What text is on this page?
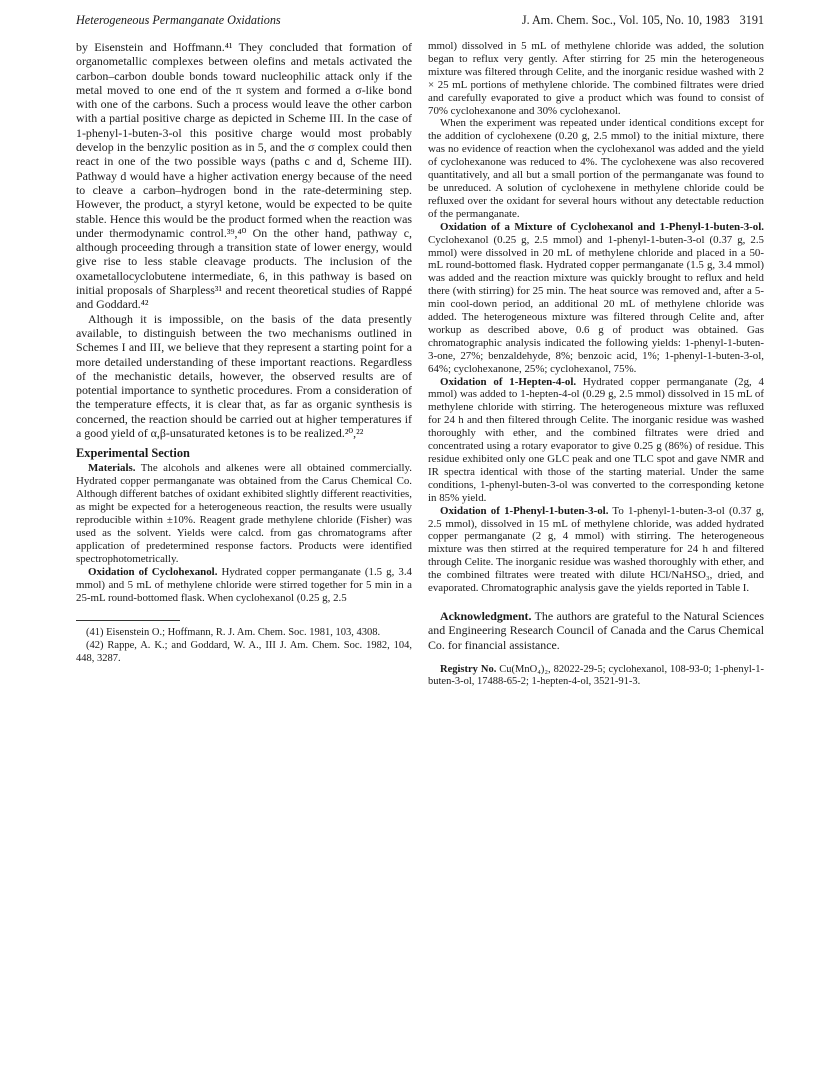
Heterogeneous Permanganate Oxidations	J. Am. Chem. Soc., Vol. 105, No. 10, 1983 3191

by Eisenstein and Hoffmann.⁴¹ They concluded that formation of organometallic complexes between olefins and metals activated the carbon–carbon double bonds toward nucleophilic attack only if the metal moved to one end of the π system and formed a σ-like bond with one of the carbons. Such a process would leave the other carbon with a partial positive charge as depicted in Scheme III. In the case of 1-phenyl-1-buten-3-ol this positive charge would most probably develop in the benzylic position as in 5, and the σ complex could then react in one of the two possible ways (paths c and d, Scheme III). Pathway d would have a higher activation energy because of the need to cleave a carbon–hydrogen bond in the rate-determining step. However, the product, a styryl ketone, would be expected to be quite stable. Hence this would be the product formed when the reaction was under thermodynamic control.³⁹,⁴⁰ On the other hand, pathway c, although proceeding through a transition state of lower energy, would give rise to less stable cleavage products. The inclusion of the oxametallocyclobutene intermediate, 6, in this pathway is based on initial proposals of Sharpless³¹ and recent theoretical studies of Rappé and Goddard.⁴²

Although it is impossible, on the basis of the data presently available, to distinguish between the two mechanisms outlined in Schemes I and III, we believe that they represent a starting point for a more detailed understanding of these important reactions. Regardless of the mechanistic details, however, the observed results are of potential importance to synthetic procedures. From a consideration of the temperature effects, it is clear that, as far as organic synthesis is concerned, the reaction should be carried out at higher temperatures if a good yield of α,β-unsaturated ketones is to be realized.²⁰,²²

Experimental Section

Materials. The alcohols and alkenes were all obtained commercially. Hydrated copper permanganate was obtained from the Carus Chemical Co. Although different batches of oxidant exhibited slightly different reactivities, as might be expected for a heterogeneous reaction, the results were usually reproducible within ±10%. Reagent grade methylene chloride (Fisher) was used as the solvent. Yields were calcd. from gas chromatograms after application of predetermined response factors. Products were identified spectrophotometrically.

Oxidation of Cyclohexanol. Hydrated copper permanganate (1.5 g, 3.4 mmol) and 5 mL of methylene chloride were stirred together for 5 min in a 25-mL round-bottomed flask. When cyclohexanol (0.25 g, 2.5

(41) Eisenstein O.; Hoffmann, R. J. Am. Chem. Soc. 1981, 103, 4308.

(42) Rappe, A. K.; and Goddard, W. A., III J. Am. Chem. Soc. 1982, 104, 448, 3287.

mmol) dissolved in 5 mL of methylene chloride was added, the solution began to reflux very gently. After stirring for 25 min the heterogeneous mixture was filtered through Celite, and the inorganic residue washed with 2 × 25 mL portions of methylene chloride. The combined filtrates were dried and carefully evaporated to give a product which was found to consist of 70% cyclohexanone and 30% cyclohexanol.

When the experiment was repeated under identical conditions except for the addition of cyclohexene (0.20 g, 2.5 mmol) to the initial mixture, there was no evidence of reaction when the cyclohexanol was added and the yield of cyclohexanone was reduced to 4%. The cyclohexene was also recovered quantitatively, and all but a small portion of the permanganate was found to be unreduced. A solution of cyclohexene in methylene chloride could be refluxed over the oxidant for several hours without any detectable reduction of the permanganate.

Oxidation of a Mixture of Cyclohexanol and 1-Phenyl-1-buten-3-ol. Cyclohexanol (0.25 g, 2.5 mmol) and 1-phenyl-1-buten-3-ol (0.37 g, 2.5 mmol) were dissolved in 20 mL of methylene chloride and placed in a 50-mL round-bottomed flask. Hydrated copper permanganate (1.5 g, 3.4 mmol) was added and the reaction mixture was quickly brought to reflux and held there (with stirring) for 25 min. The heat source was removed and, after a 5-min cool-down period, an additional 20 mL of methylene chloride was added. The heterogeneous mixture was filtered through Celite and, after workup as described above, 0.6 g of product was obtained. Gas chromatographic analysis indicated the following yields: 1-phenyl-1-buten-3-one, 27%; benzaldehyde, 8%; benzoic acid, 1%; 1-phenyl-1-buten-3-ol, 64%; cyclohexanone, 25%; cyclohexanol, 75%.

Oxidation of 1-Hepten-4-ol. Hydrated copper permanganate (2g, 4 mmol) was added to 1-hepten-4-ol (0.29 g, 2.5 mmol) dissolved in 15 mL of methylene chloride with stirring. The heterogeneous mixture was refluxed for 24 h and then filtered through Celite. The inorganic residue was washed thoroughly with ether, and the combined filtrates were dried and concentrated using a rotary evaporator to give 0.25 g (86%) of residue. This residue exhibited only one GLC peak and one TLC spot and gave NMR and IR spectra identical with those of the starting material. Under the same conditions, 1-phenyl-buten-3-ol was converted to the corresponding ketone in 85% yield.

Oxidation of 1-Phenyl-1-buten-3-ol. To 1-phenyl-1-buten-3-ol (0.37 g, 2.5 mmol), dissolved in 15 mL of methylene chloride, was added hydrated copper permanganate (2 g, 4 mmol) with stirring. The heterogeneous mixture was then stirred at the required temperature for 24 h and filtered through Celite. The inorganic residue was washed thoroughly with ether, and the combined filtrates were treated with dilute HCl/NaHSO₃, dried, and evaporated. Chromatographic analysis gave the yields reported in Table I.

Acknowledgment. The authors are grateful to the Natural Sciences and Engineering Research Council of Canada and the Carus Chemical Co. for financial assistance.

Registry No. Cu(MnO₄)₂, 82022-29-5; cyclohexanol, 108-93-0; 1-phenyl-1-buten-3-ol, 17488-65-2; 1-hepten-4-ol, 3521-91-3.
